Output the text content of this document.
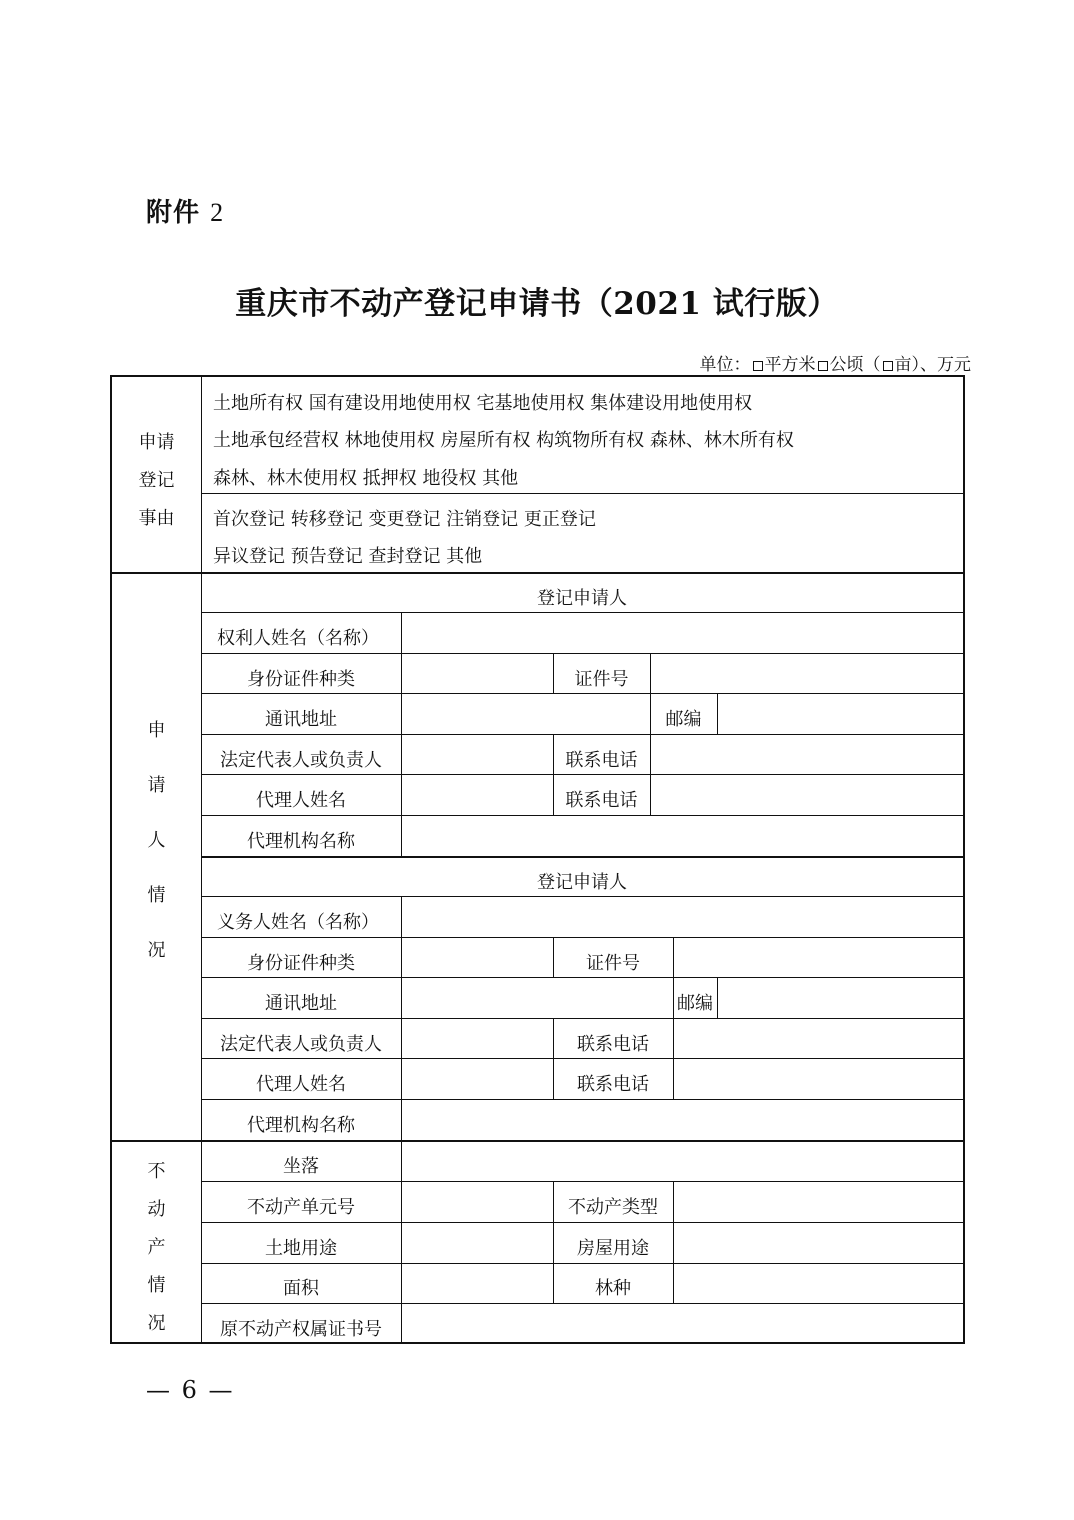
附件 2
重庆市不动产登记申请书（2021 试行版）
单位： 平方米 公顷（ 亩）、万元
申请
登记
事由
土地所有权 国有建设用地使用权 宅基地使用权 集体建设用地使用权
土地承包经营权 林地使用权 房屋所有权 构筑物所有权 森林、林木所有权
森林、林木使用权 抵押权 地役权 其他
首次登记 转移登记 变更登记 注销登记 更正登记
异议登记 预告登记 查封登记 其他
申
请
人
情
况
登记申请人
权利人姓名（名称）
身份证件种类	证件号
通讯地址	邮编
法定代表人或负责人	联系电话
代理人姓名	联系电话
代理机构名称
登记申请人
义务人姓名（名称）
身份证件种类	证件号
通讯地址	邮编
法定代表人或负责人	联系电话
代理人姓名	联系电话
代理机构名称
不
动
产
情
况
坐落
不动产单元号	不动产类型
土地用途	房屋用途
面积	林种
原不动产权属证书号
— 6 —
